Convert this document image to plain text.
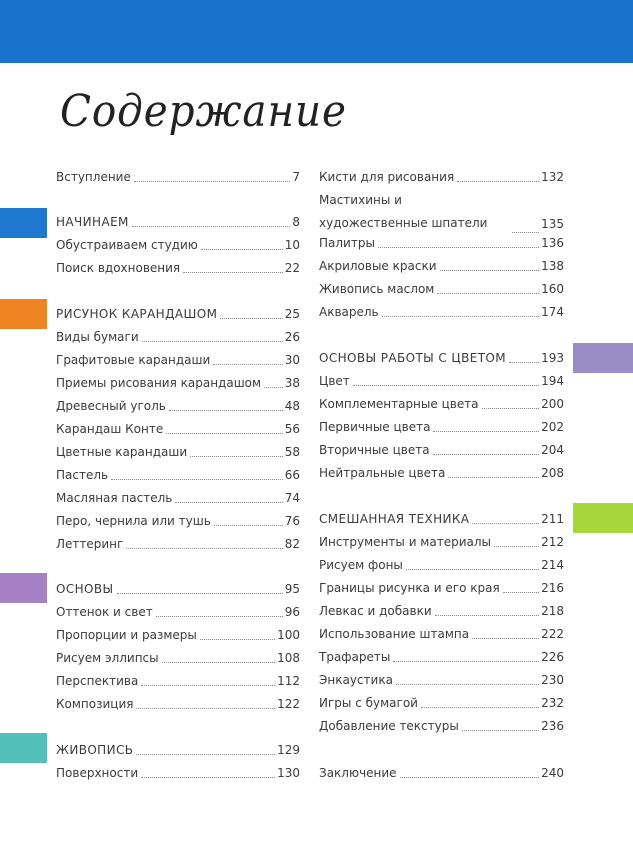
Содержание
Вступление	7
НАЧИНАЕМ	8
Обустраиваем студию	10
Поиск вдохновения	22
РИСУНОК КАРАНДАШОМ	25
Виды бумаги	26
Графитовые карандаши	30
Приемы рисования карандашом 38
Древесный уголь	48
Карандаш Конте	56
Цветные карандаши	58
Пастель	66
Масляная пастель	74
Перо, чернила или тушь	76
Леттеринг	82
ОСНОВЫ	95
Оттенок и свет	96
Пропорции и размеры	100
Рисуем эллипсы	108
Перспектива	112
Композиция	122
ЖИВОПИСЬ	129
Поверхности	130
Кисти для рисования	132
Мастихины и художественные шпатели	135
Палитры	136
Акриловые краски	138
Живопись маслом	160
Акварель	174
ОСНОВЫ РАБОТЫ С ЦВЕТОМ	193
Цвет	194
Комплементарные цвета	200
Первичные цвета	202
Вторичные цвета	204
Нейтральные цвета	208
СМЕШАННАЯ ТЕХНИКА	211
Инструменты и материалы	212
Рисуем фоны	214
Границы рисунка и его края	216
Левкас и добавки	218
Использование штампа	222
Трафареты	226
Энкаустика	230
Игры с бумагой	232
Добавление текстуры	236
Заключение	240
